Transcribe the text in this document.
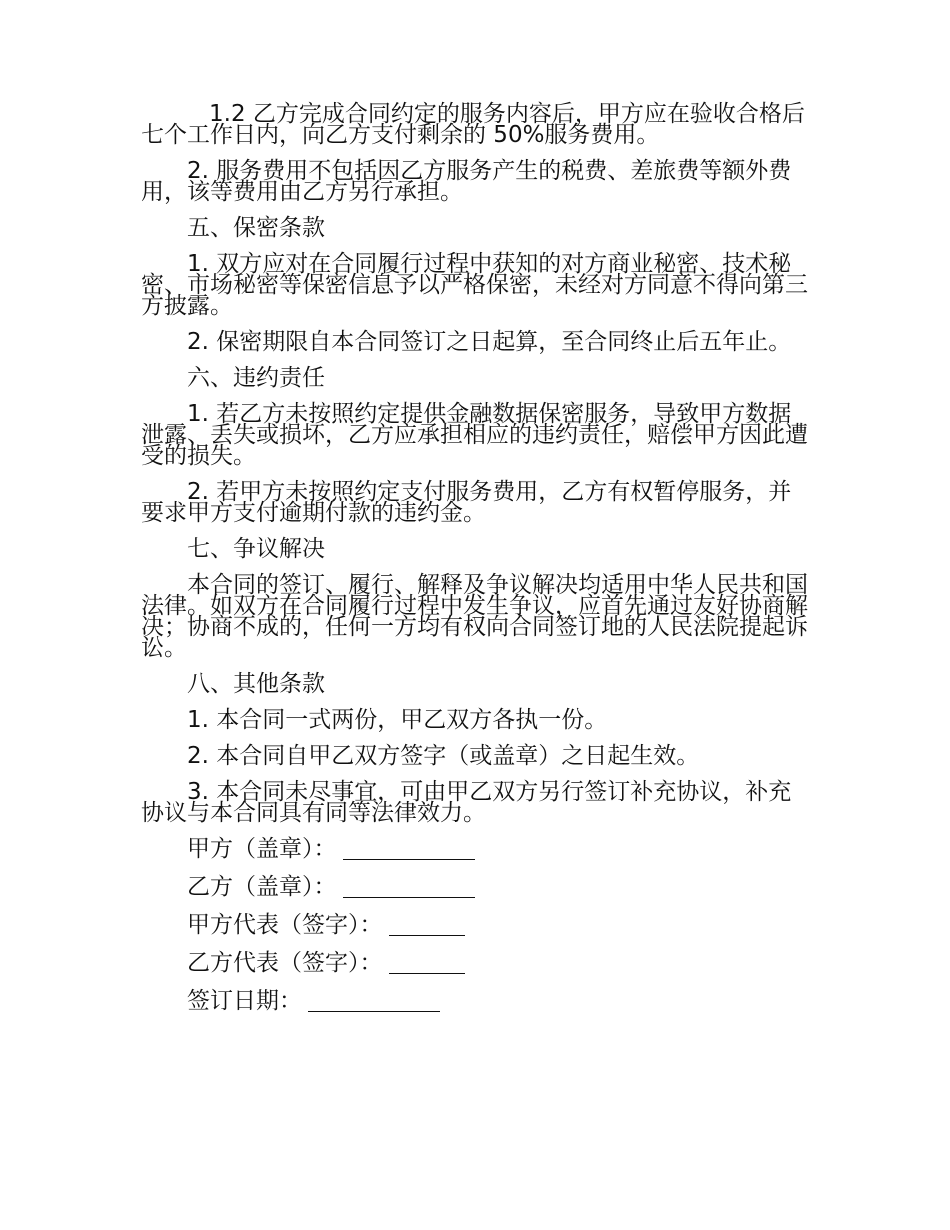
1.2 乙方完成合同约定的服务内容后，甲方应在验收合格后七个工作日内，向乙方支付剩余的 50%服务费用。

2. 服务费用不包括因乙方服务产生的税费、差旅费等额外费用，该等费用由乙方另行承担。

五、保密条款

1. 双方应对在合同履行过程中获知的对方商业秘密、技术秘密、市场秘密等保密信息予以严格保密，未经对方同意不得向第三方披露。

2. 保密期限自本合同签订之日起算，至合同终止后五年止。

六、违约责任

1. 若乙方未按照约定提供金融数据保密服务，导致甲方数据泄露、丢失或损坏，乙方应承担相应的违约责任，赔偿甲方因此遭受的损失。

2. 若甲方未按照约定支付服务费用，乙方有权暂停服务，并要求甲方支付逾期付款的违约金。

七、争议解决

本合同的签订、履行、解释及争议解决均适用中华人民共和国法律。如双方在合同履行过程中发生争议，应首先通过友好协商解决；协商不成的，任何一方均有权向合同签订地的人民法院提起诉讼。

八、其他条款

1. 本合同一式两份，甲乙双方各执一份。

2. 本合同自甲乙双方签字（或盖章）之日起生效。

3. 本合同未尽事宜，可由甲乙双方另行签订补充协议，补充协议与本合同具有同等法律效力。

甲方（盖章）：
乙方（盖章）：
甲方代表（签字）：
乙方代表（签字）：
签订日期：
